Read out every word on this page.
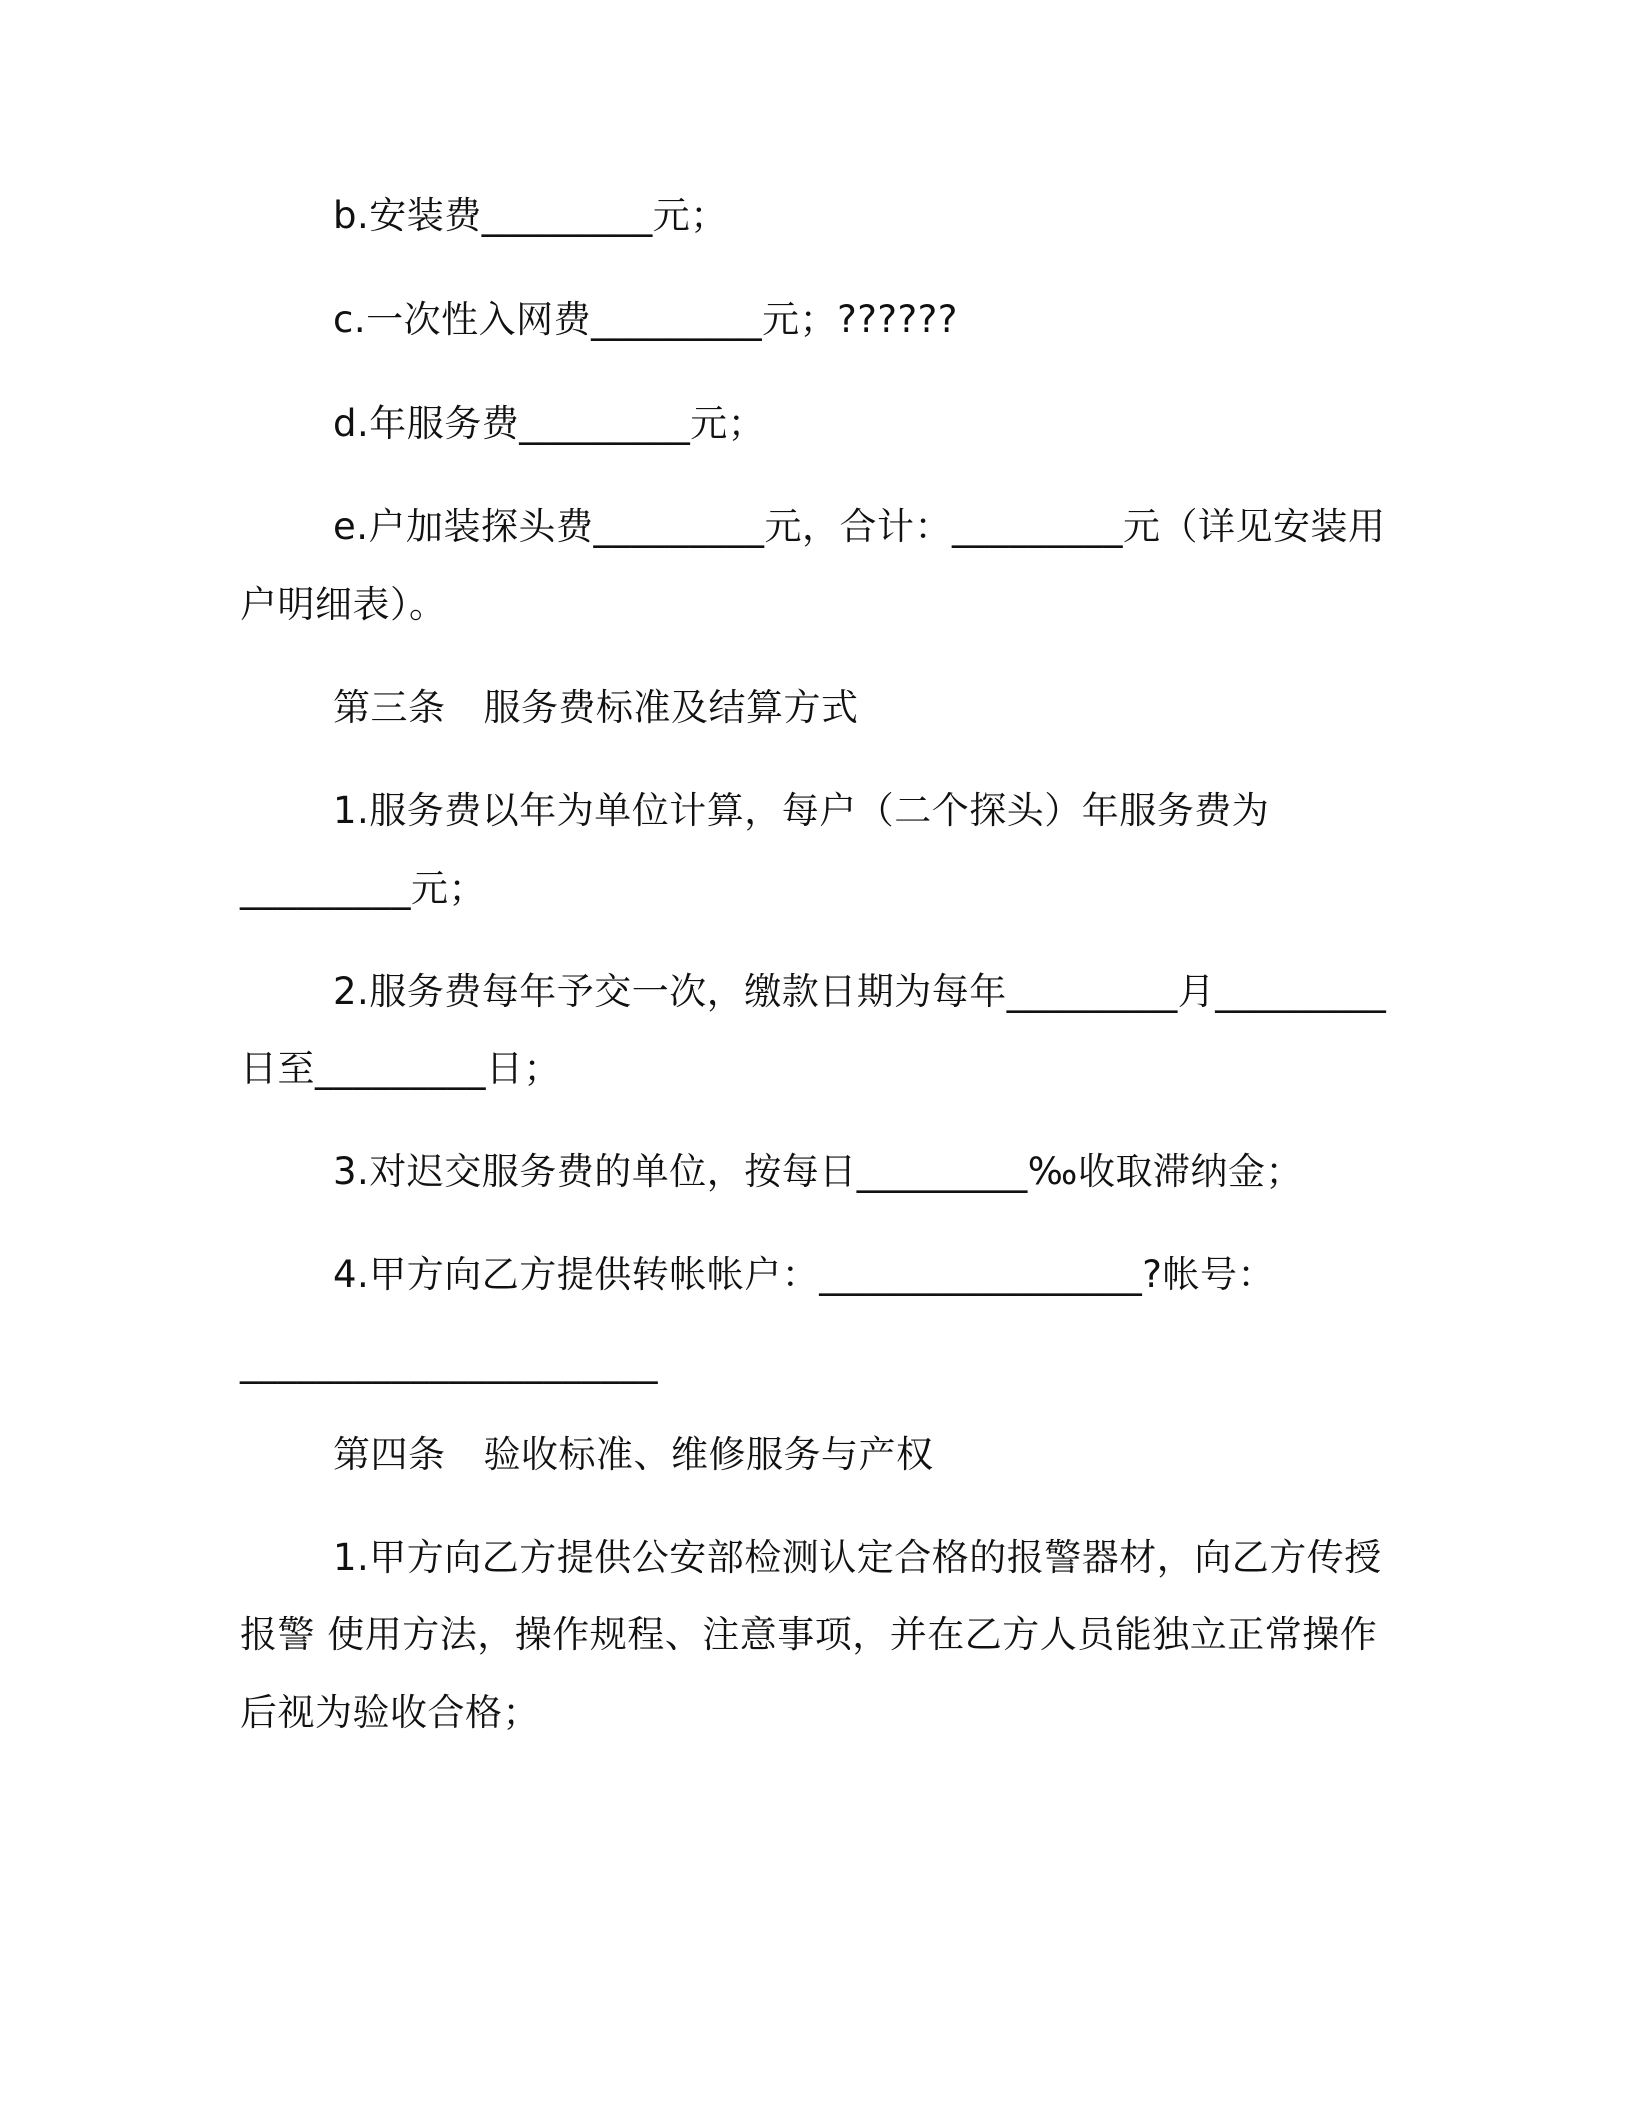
b.安装费_________元；

c.一次性入网费_________元；??????

d.年服务费_________元；

e.户加装探头费_________元，合计：_________元（详见安装用

户明细表）。

第三条 服务费标准及结算方式

1.服务费以年为单位计算，每户（二个探头）年服务费为

_________元；

2.服务费每年予交一次，缴款日期为每年_________月_________

日至_________日；

3.对迟交服务费的单位，按每日_________‰收取滞纳金；

4.甲方向乙方提供转帐帐户：_________________?帐号：

______________________

第四条 验收标准、维修服务与产权

1.甲方向乙方提供公安部检测认定合格的报警器材，向乙方传授

报警 使用方法，操作规程、注意事项，并在乙方人员能独立正常操作

后视为验收合格；
